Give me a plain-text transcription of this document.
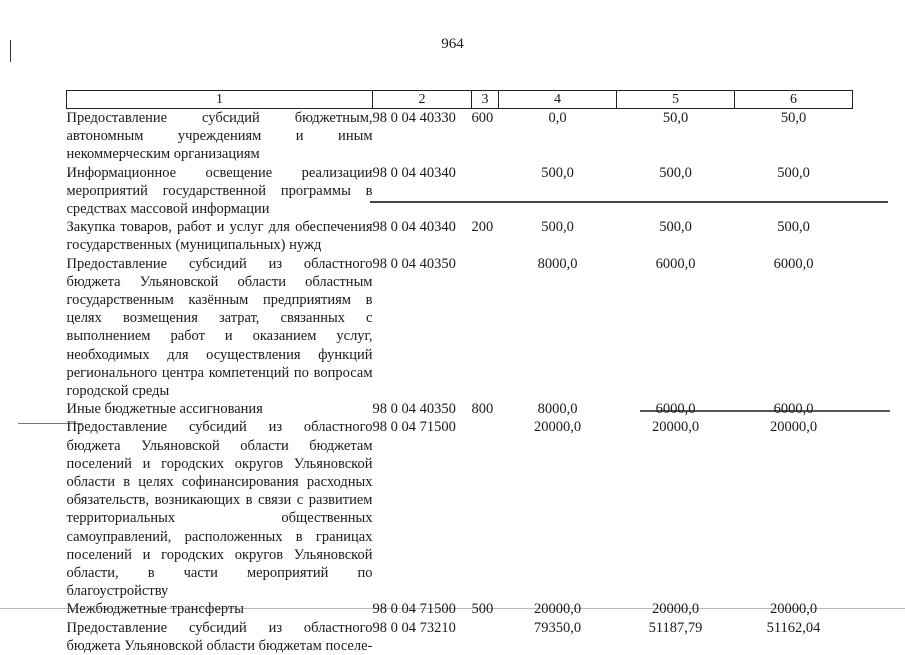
964
1	2	3	4	5	6
Предоставление субсидий бюджетным, автономным учреждениям и иным некоммерческим организациям	98 0 04 40330	600	0,0	50,0	50,0
Информационное освещение реализации мероприятий государственной программы в средствах массовой информации	98 0 04 40340		500,0	500,0	500,0
Закупка товаров, работ и услуг для обеспечения государственных (муниципальных) нужд	98 0 04 40340	200	500,0	500,0	500,0
Предоставление субсидий из областного бюджета Ульяновской области областным государственным казённым предприятиям в целях возмещения затрат, связанных с выполнением работ и оказанием услуг, необходимых для осуществления функций регионального центра компетенций по вопросам городской среды	98 0 04 40350		8000,0	6000,0	6000,0
Иные бюджетные ассигнования	98 0 04 40350	800	8000,0	6000,0	6000,0
Предоставление субсидий из областного бюджета Ульяновской области бюджетам поселений и городских округов Ульяновской области в целях софинансирования расходных обязательств, возникающих в связи с развитием территориальных общественных самоуправлений, расположенных в границах поселений и городских округов Ульяновской области, в части мероприятий по благоустройству	98 0 04 71500		20000,0	20000,0	20000,0
Межбюджетные трансферты	98 0 04 71500	500	20000,0	20000,0	20000,0
Предоставление субсидий из областного бюджета Ульяновской области бюджетам поселе-	98 0 04 73210		79350,0	51187,79	51162,04
